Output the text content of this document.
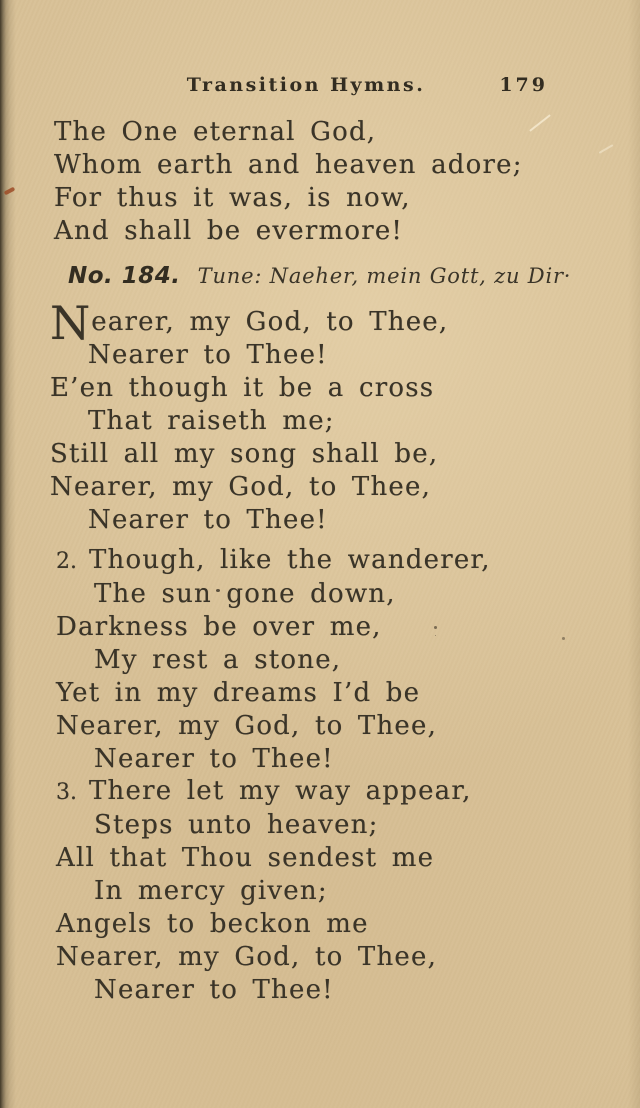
Transition Hymns.	179
The One eternal God,
Whom earth and heaven adore;
For thus it was, is now,
And shall be evermore!
No. 184. Tune: Naeher, mein Gott, zu Dir·
Nearer, my God, to Thee,
Nearer to Thee!
E’en though it be a cross
That raiseth me;
Still all my song shall be,
Nearer, my God, to Thee,
Nearer to Thee!
2. Though, like the wanderer,
The sun gone down,
Darkness be over me,
My rest a stone,
Yet in my dreams I’d be
Nearer, my God, to Thee,
Nearer to Thee!
3. There let my way appear,
Steps unto heaven;
All that Thou sendest me
In mercy given;
Angels to beckon me
Nearer, my God, to Thee,
Nearer to Thee!
